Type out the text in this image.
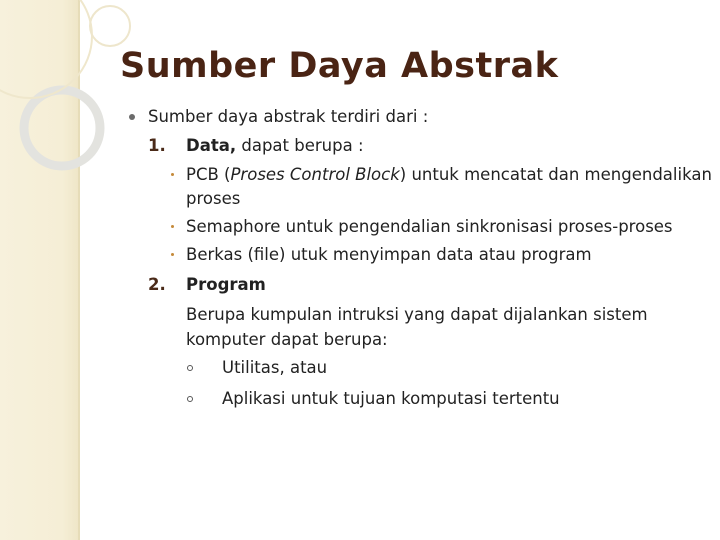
Sumber Daya Abstrak
Sumber daya abstrak terdiri dari :
1. Data, dapat berupa :
PCB (Proses Control Block) untuk mencatat dan mengendalikan
proses
Semaphore untuk pengendalian sinkronisasi proses-proses
Berkas (file) utuk menyimpan data atau program
2. Program
Berupa kumpulan intruksi yang dapat dijalankan sistem
komputer dapat berupa:
Utilitas, atau
Aplikasi untuk tujuan komputasi tertentu
